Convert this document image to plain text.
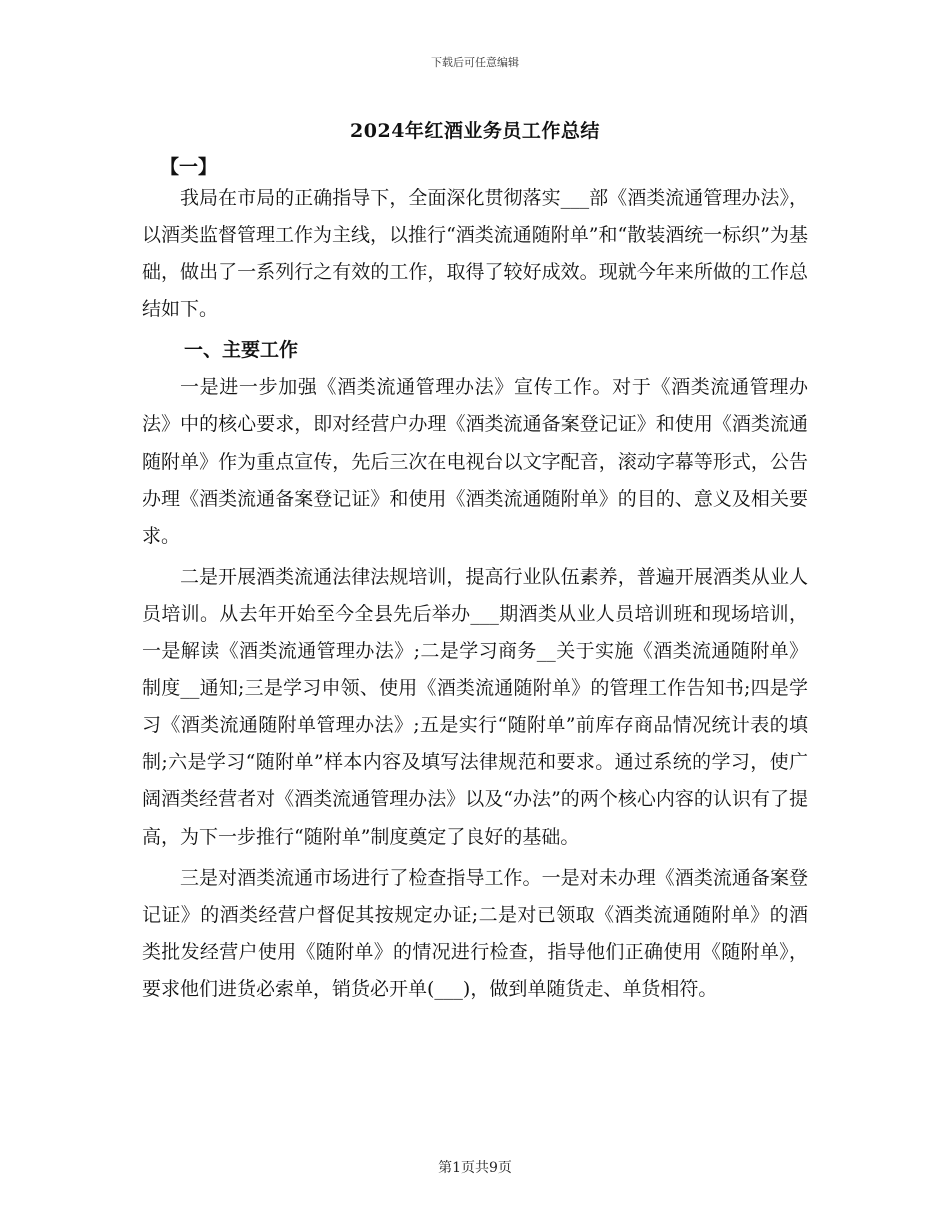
下载后可任意编辑
2024年红酒业务员工作总结
【一】

我局在市局的正确指导下，全面深化贯彻落实___部《酒类流通管理办法》，以酒类监督管理工作为主线，以推行“酒类流通随附单”和“散装酒统一标织”为基础，做出了一系列行之有效的工作，取得了较好成效。现就今年来所做的工作总结如下。

一、主要工作

一是进一步加强《酒类流通管理办法》宣传工作。对于《酒类流通管理办法》中的核心要求，即对经营户办理《酒类流通备案登记证》和使用《酒类流通随附单》作为重点宣传，先后三次在电视台以文字配音，滚动字幕等形式，公告办理《酒类流通备案登记证》和使用《酒类流通随附单》的目的、意义及相关要求。

二是开展酒类流通法律法规培训，提高行业队伍素养，普遍开展酒类从业人员培训。从去年开始至今全县先后举办___期酒类从业人员培训班和现场培训，一是解读《酒类流通管理办法》;二是学习商务__关于实施《酒类流通随附单》制度__通知;三是学习申领、使用《酒类流通随附单》的管理工作告知书;四是学习《酒类流通随附单管理办法》;五是实行“随附单”前库存商品情况统计表的填制;六是学习“随附单”样本内容及填写法律规范和要求。通过系统的学习，使广阔酒类经营者对《酒类流通管理办法》以及“办法”的两个核心内容的认识有了提高，为下一步推行“随附单”制度奠定了良好的基础。

三是对酒类流通市场进行了检查指导工作。一是对未办理《酒类流通备案登记证》的酒类经营户督促其按规定办证;二是对已领取《酒类流通随附单》的酒类批发经营户使用《随附单》的情况进行检查，指导他们正确使用《随附单》，要求他们进货必索单，销货必开单(___)，做到单随货走、单货相符。

第1页共9页
